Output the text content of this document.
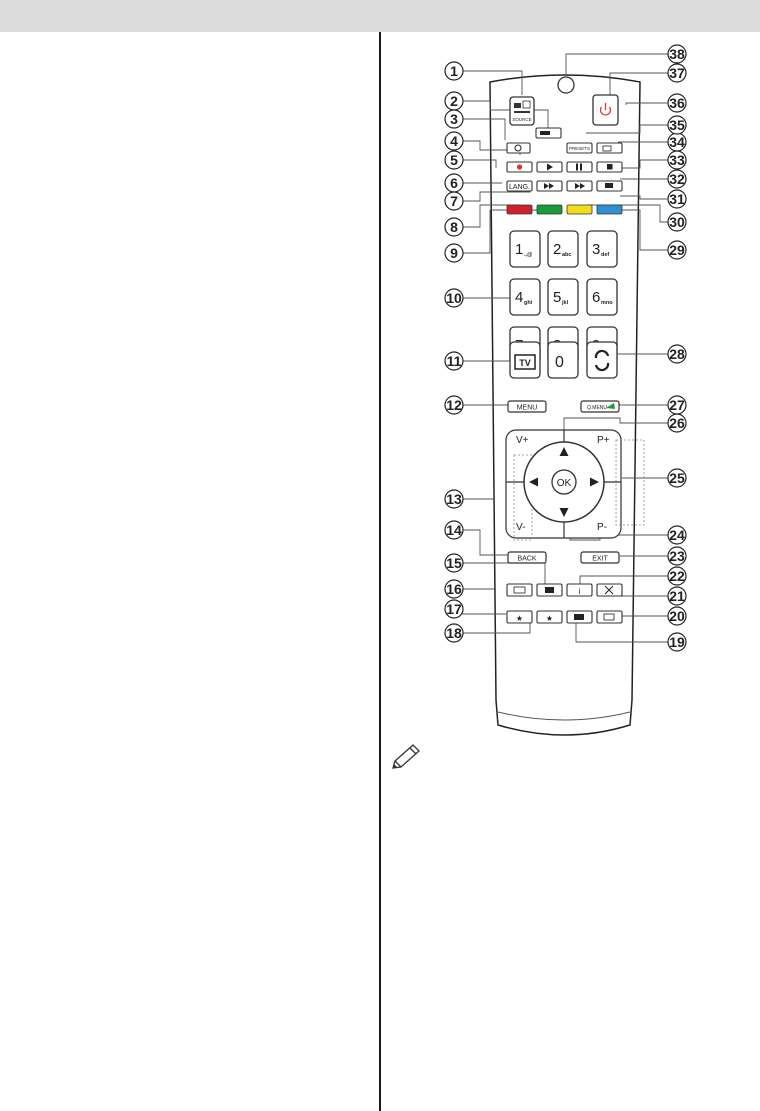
SOURCE
PRESETS
LANG.
1 .,@ 2 abc 3 def
4 ghi 5 jkl 6 mno
TV 0
MENU	Q.MENU
OK
V+
V-
P+
P-
BACK	EXIT
i
★	★
1
2
3
4
5
6
7
8
9
10
11
12
13
14
15
16
17
18
19
20
21
22
23
24
25
26
27
28
29
30
31
32
33
34
35
36
37
38
